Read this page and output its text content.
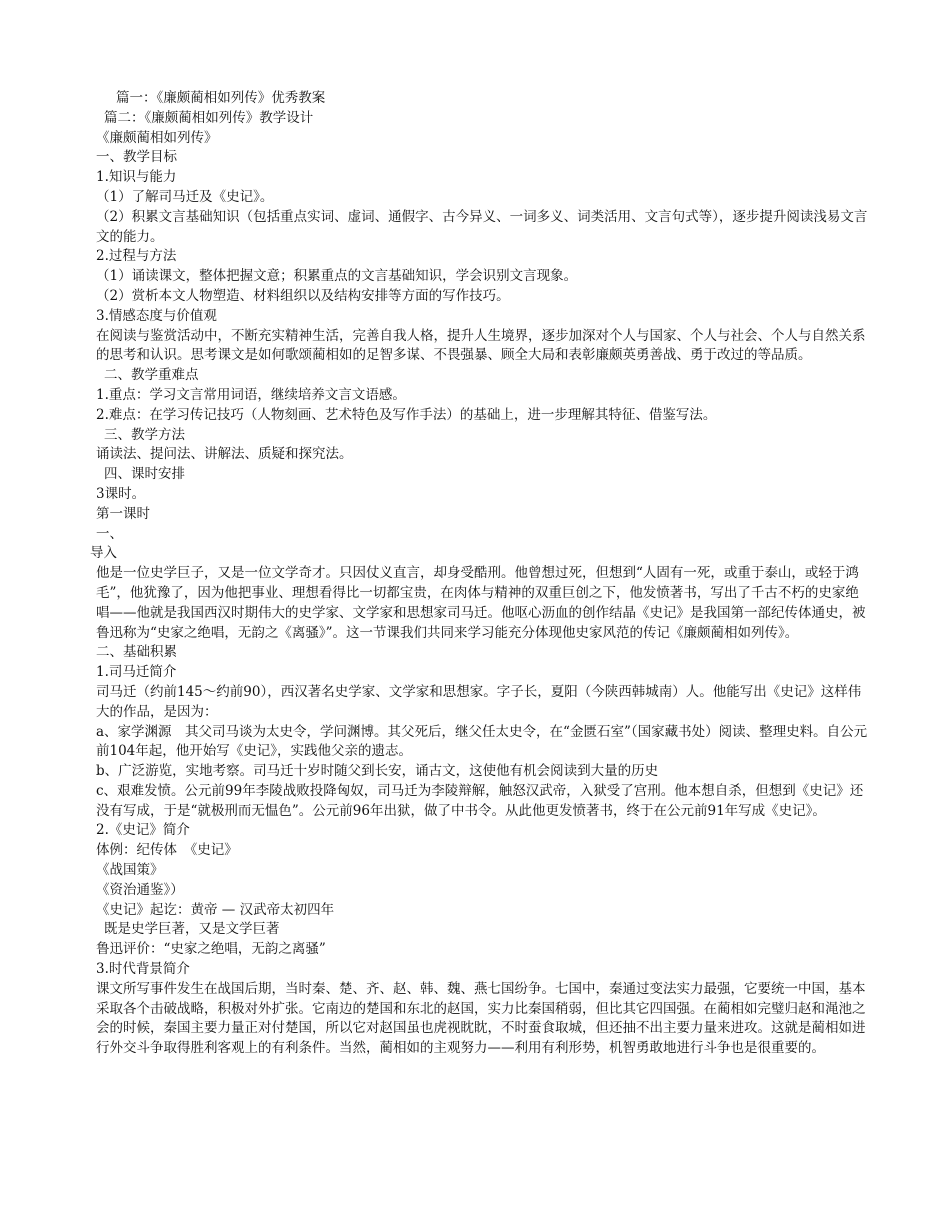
篇一：《廉颇蔺相如列传》优秀教案

篇二：《廉颇蔺相如列传》教学设计

《廉颇蔺相如列传》

一、教学目标

1.知识与能力

（1）了解司马迁及《史记》。

（2）积累文言基础知识（包括重点实词、虚词、通假字、古今异义、一词多义、词类活用、文言句式等），逐步提升阅读浅易文言文的能力。

2.过程与方法

（1）诵读课文，整体把握文意；积累重点的文言基础知识，学会识别文言现象。

（2）赏析本文人物塑造、材料组织以及结构安排等方面的写作技巧。

3.情感态度与价值观

在阅读与鉴赏活动中，不断充实精神生活，完善自我人格，提升人生境界，逐步加深对个人与国家、个人与社会、个人与自然关系的思考和认识。思考课文是如何歌颂蔺相如的足智多谋、不畏强暴、顾全大局和表彰廉颇英勇善战、勇于改过的等品质。

二、教学重难点

1.重点：学习文言常用词语，继续培养文言文语感。

2.难点：在学习传记技巧（人物刻画、艺术特色及写作手法）的基础上，进一步理解其特征、借鉴写法。

三、教学方法

诵读法、提问法、讲解法、质疑和探究法。

四、课时安排

3课时。

第一课时

一、

导入

他是一位史学巨子，又是一位文学奇才。只因仗义直言，却身受酷刑。他曾想过死，但想到“人固有一死，或重于泰山，或轻于鸿毛”，他犹豫了，因为他把事业、理想看得比一切都宝贵，在肉体与精神的双重巨创之下，他发愤著书，写出了千古不朽的史家绝唱——他就是我国西汉时期伟大的史学家、文学家和思想家司马迁。他呕心沥血的创作结晶《史记》是我国第一部纪传体通史，被鲁迅称为“史家之绝唱，无韵之《离骚》”。这一节课我们共同来学习能充分体现他史家风范的传记《廉颇蔺相如列传》。

二、基础积累

1.司马迁简介

司马迁（约前145～约前90），西汉著名史学家、文学家和思想家。字子长，夏阳（今陕西韩城南）人。他能写出《史记》这样伟大的作品，是因为：

a、家学渊源　其父司马谈为太史令，学问渊博。其父死后，继父任太史令，在“金匮石室”（国家藏书处）阅读、整理史料。自公元前104年起，他开始写《史记》，实践他父亲的遗志。

b、广泛游览，实地考察。司马迁十岁时随父到长安，诵古文，这使他有机会阅读到大量的历史

c、艰难发愤。公元前99年李陵战败投降匈奴，司马迁为李陵辩解，触怒汉武帝，入狱受了宫刑。他本想自杀，但想到《史记》还没有写成，于是“就极刑而无愠色”。公元前96年出狱，做了中书令。从此他更发愤著书，终于在公元前91年写成《史记》。

2.《史记》简介

体例：纪传体　《史记》

《战国策》

《资治通鉴》）

《史记》起讫：黄帝 — 汉武帝太初四年

既是史学巨著，又是文学巨著

鲁迅评价：“史家之绝唱，无韵之离骚”

3.时代背景简介

课文所写事件发生在战国后期，当时秦、楚、齐、赵、韩、魏、燕七国纷争。七国中，秦通过变法实力最强，它要统一中国，基本采取各个击破战略，积极对外扩张。它南边的楚国和东北的赵国，实力比秦国稍弱，但比其它四国强。在蔺相如完璧归赵和渑池之会的时候，秦国主要力量正对付楚国，所以它对赵国虽也虎视眈眈，不时蚕食取城，但还抽不出主要力量来进攻。这就是蔺相如进行外交斗争取得胜利客观上的有利条件。当然，蔺相如的主观努力——利用有利形势，机智勇敢地进行斗争也是很重要的。
